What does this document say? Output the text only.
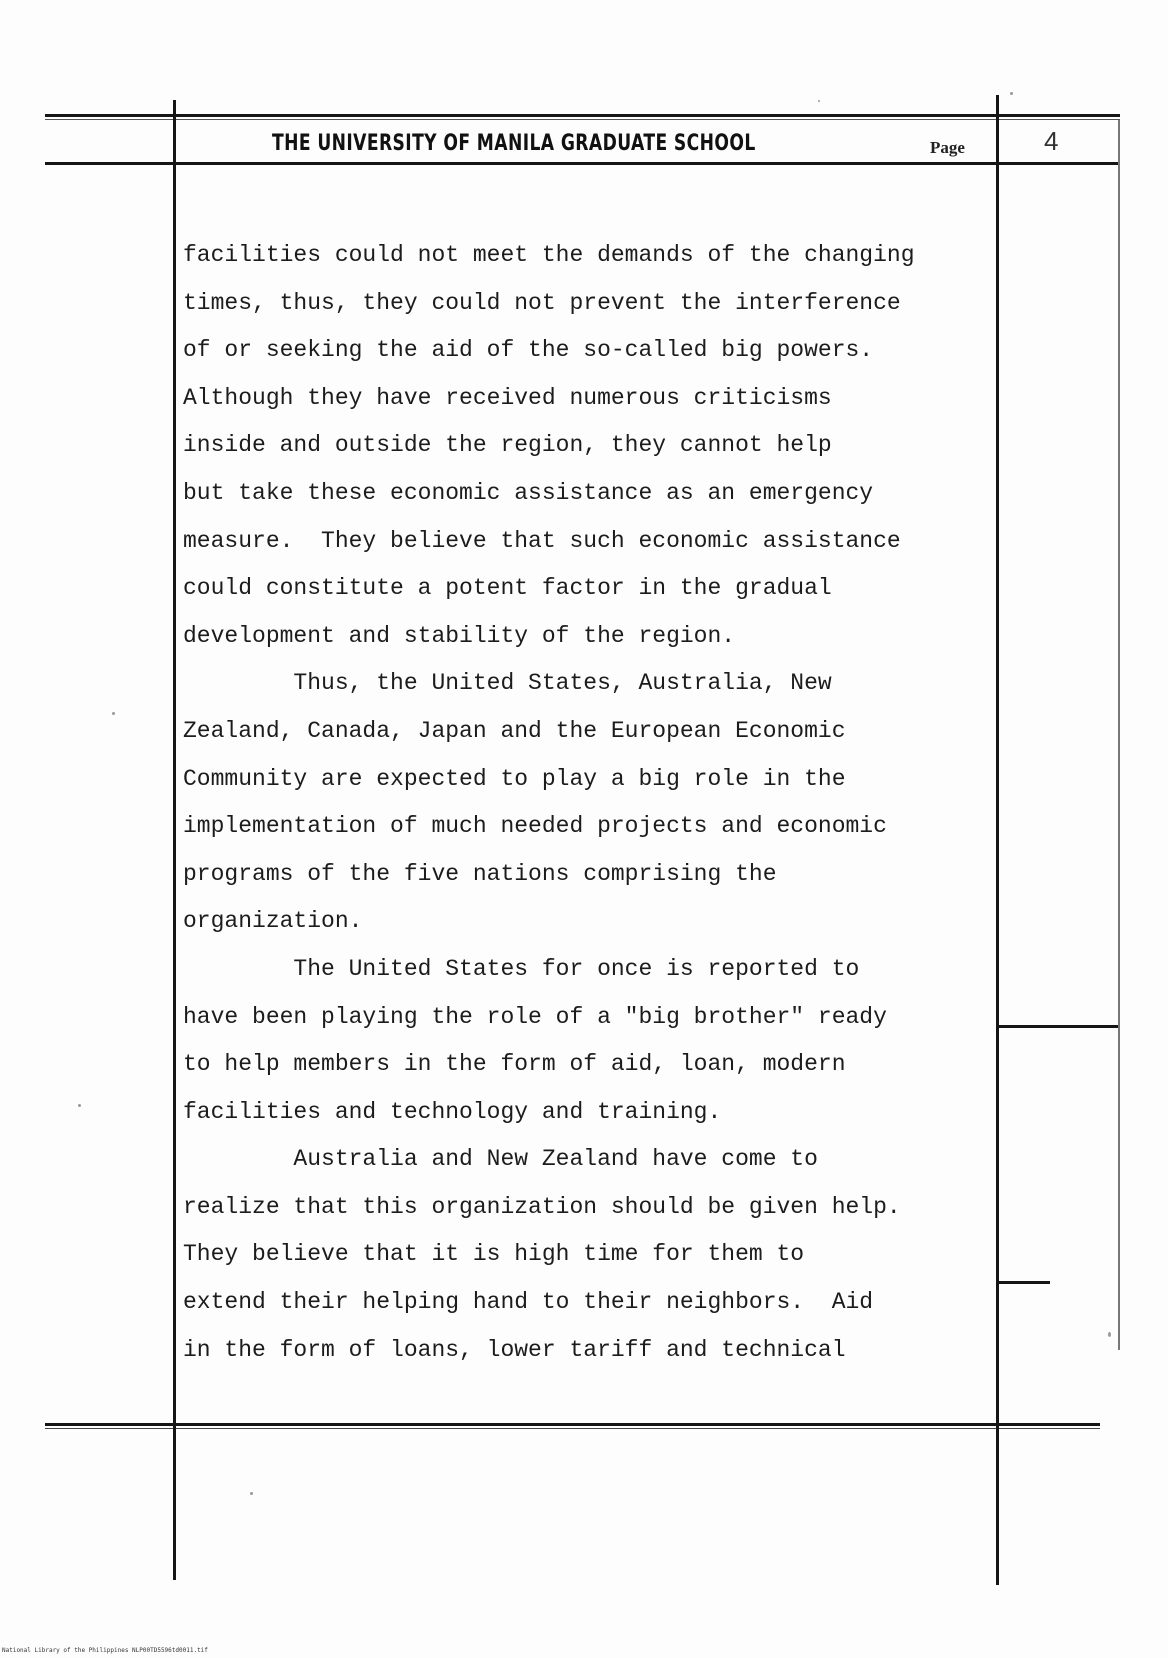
THE UNIVERSITY OF MANILA GRADUATE SCHOOL	Page	4
facilities could not meet the demands of the changing
times, thus, they could not prevent the interference
of or seeking the aid of the so-called big powers.
Although they have received numerous criticisms
inside and outside the region, they cannot help
but take these economic assistance as an emergency
measure.  They believe that such economic assistance
could constitute a potent factor in the gradual
development and stability of the region.
Thus, the United States, Australia, New
Zealand, Canada, Japan and the European Economic
Community are expected to play a big role in the
implementation of much needed projects and economic
programs of the five nations comprising the
organization.
The United States for once is reported to
have been playing the role of a "big brother" ready
to help members in the form of aid, loan, modern
facilities and technology and training.
Australia and New Zealand have come to
realize that this organization should be given help.
They believe that it is high time for them to
extend their helping hand to their neighbors.  Aid
in the form of loans, lower tariff and technical
National Library of the Philippines NLP00TD5596td0011.tif
